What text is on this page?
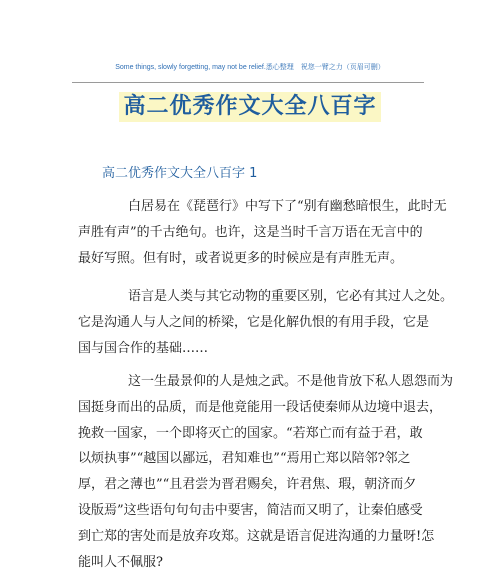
Some things, slowly forgetting, may not be relief.悉心整理　祝您一臂之力（页眉可删）
高二优秀作文大全八百字
高二优秀作文大全八百字 1
白居易在《琵琶行》中写下了“别有幽愁暗恨生，此时无
声胜有声”的千古绝句。也许，这是当时千言万语在无言中的
最好写照。但有时，或者说更多的时候应是有声胜无声。
语言是人类与其它动物的重要区别，它必有其过人之处。
它是沟通人与人之间的桥梁，它是化解仇恨的有用手段，它是
国与国合作的基础……
这一生最景仰的人是烛之武。不是他肯放下私人恩怨而为
国挺身而出的品质，而是他竟能用一段话使秦师从边境中退去，
挽救一国家，一个即将灭亡的国家。“若郑亡而有益于君，敢
以烦执事”“越国以鄙远，君知难也”“焉用亡郑以陪邻?邻之
厚，君之薄也”“且君尝为晋君赐矣，许君焦、瑕，朝济而夕
设版焉”这些语句句句击中要害，简洁而又明了，让秦伯感受
到亡郑的害处而是放弃攻郑。这就是语言促进沟通的力量呀!怎
能叫人不佩服?
